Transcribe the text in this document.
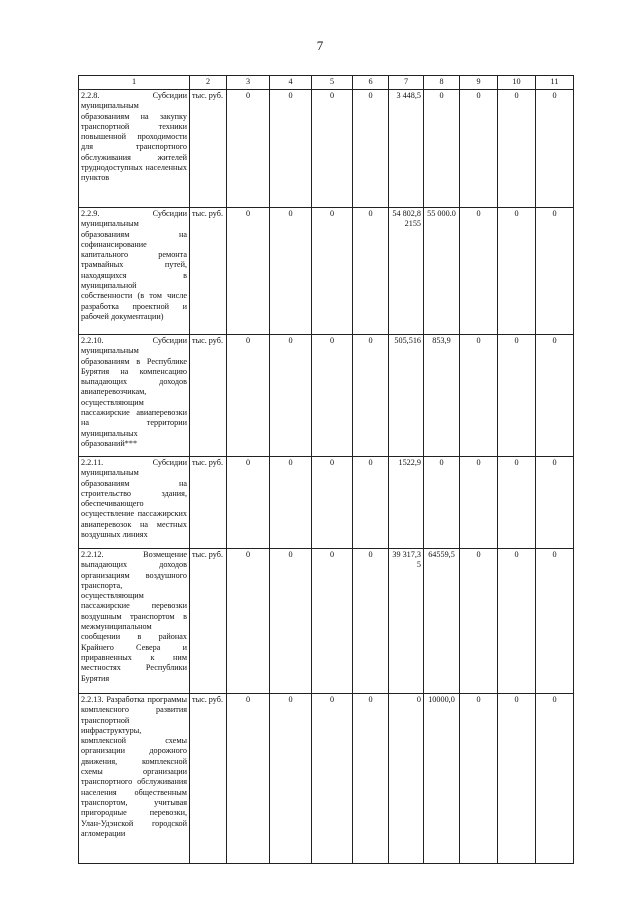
7
1	2	3	4	5	6	7	8	9	10	11
2.2.8. Субсидии муниципальным образованиям на закупку транспортной техники повышенной проходимости для транспортного обслуживания жителей труднодоступных населенных пунктов	тыс. руб.	0	0	0	0	3 448,5	0	0	0	0
2.2.9. Субсидии муниципальным образованиям на софинансирование капитального ремонта трамвайных путей, находящихся в муниципальной собственности (в том числе разработка проектной и рабочей документации)	тыс. руб.	0	0	0	0	54 802,82155	55 000.0	0	0	0
2.2.10. Субсидии муниципальным образованиям в Республике Бурятия на компенсацию выпадающих доходов авиаперевозчикам, осуществляющим пассажирские авиаперевозки на территории муниципальных образований***	тыс. руб.	0	0	0	0	505,516	853,9	0	0	0
2.2.11. Субсидии муниципальным образованиям на строительство здания, обеспечивающего осуществление пассажирских авиаперевозок на местных воздушных линиях	тыс. руб.	0	0	0	0	1522,9	0	0	0	0
2.2.12. Возмещение выпадающих доходов организациям воздушного транспорта, осуществляющим пассажирские перевозки воздушным транспортом в межмуниципальном сообщении в районах Крайнего Севера и приравненных к ним местностях Республики Бурятия	тыс. руб.	0	0	0	0	39 317,35	64559,5	0	0	0
2.2.13. Разработка программы комплексного развития транспортной инфраструктуры, комплексной схемы организации дорожного движения, комплексной схемы организации транспортного обслуживания населения общественным транспортом, учитывая пригородные перевозки, Улан-Удэнской городской агломерации	тыс. руб.	0	0	0	0	0	10000,0	0	0	0
